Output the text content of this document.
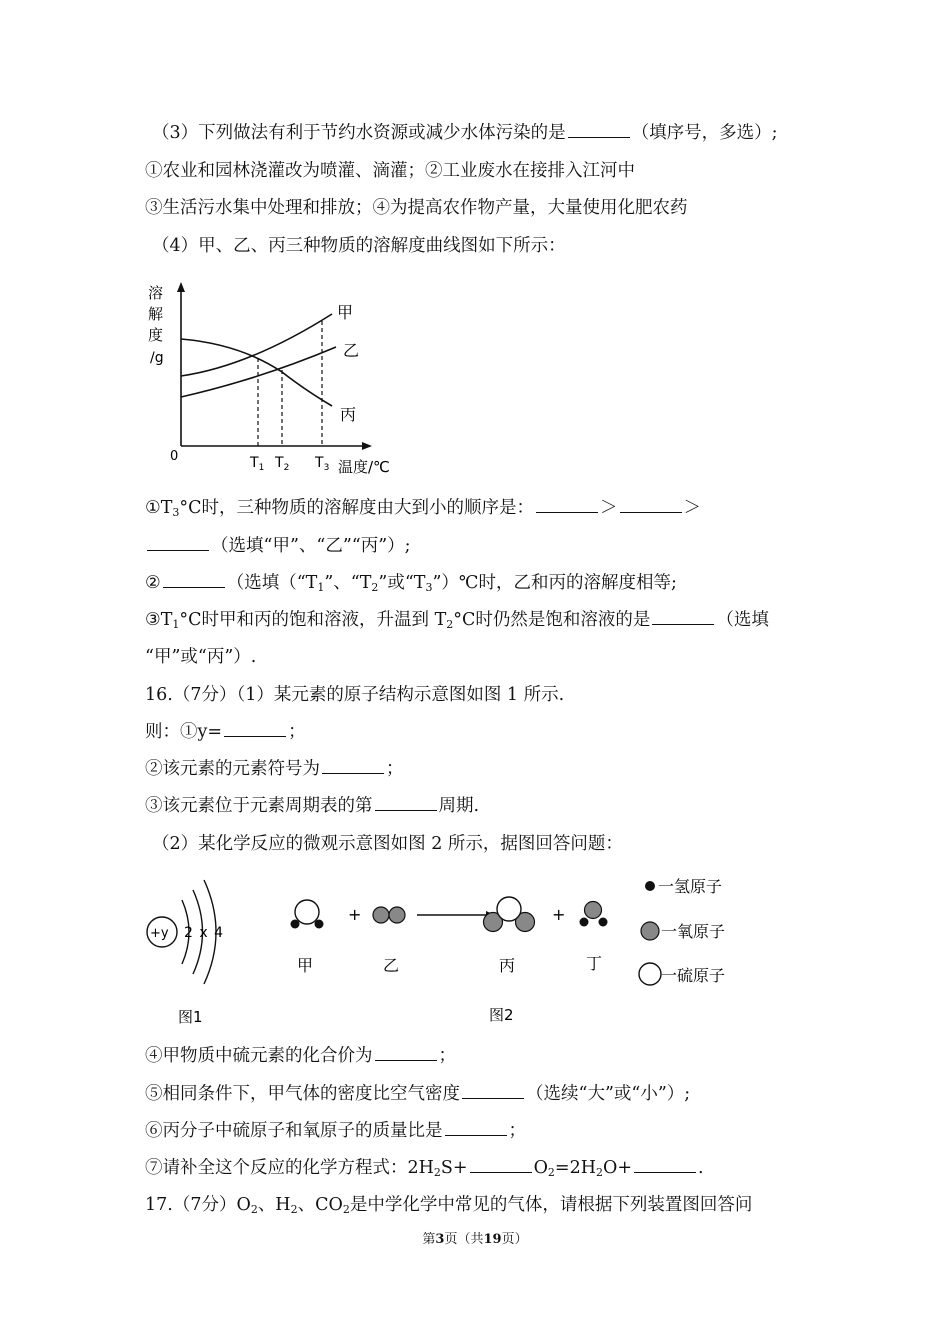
（3）下列做法有利于节约水资源或减少水体污染的是	（填序号，多选）;
①农业和园林浇灌改为喷灌、滴灌；②工业废水在接排入江河中
③生活污水集中处理和排放；④为提高农作物产量，大量使用化肥农药
（4）甲、乙、丙三种物质的溶解度曲线图如下所示：
溶
解
度
/g
0
甲
乙
丙
$T_1$ $T_2$ $T_3$ 温度/℃
$①T_3^\circ C$时，三种物质的溶解度由大到小的顺序是：	＞	＞
（选填“甲”、“乙”“丙”）;
②	（选填（“$T_1$”、“$T_2$”或“$T_3”)℃$时，乙和丙的溶解度相等;
$③T_1^\circ C$时甲和丙的饱和溶液，升温到 $T_2^\circ C$时仍然是饱和溶液的是	（选填
“甲”或“丙”）.
16.（7分）（1）某元素的原子结构示意图如图 1 所示.
则：①y=	；
②该元素的元素符号为	；
③该元素位于元素周期表的第	周期.
（2）某化学反应的微观示意图如图 2 所示，据图回答问题：
+y 2 x 4
图1
+	+
甲	乙	丙	丁
图2
一氢原子
一氧原子
一硫原子
④甲物质中硫元素的化合价为	；
⑤相同条件下，甲气体的密度比空气密度	（选续“大”或“小”）;
⑥丙分子中硫原子和氧原子的质量比是	；
⑦请补全这个反应的化学方程式：$2H_2S+$	$O_2=2H_2O+$	.
17.（7分）$O_2$、$H_2$、$CO_2$是中学化学中常见的气体，请根据下列装置图回答问
第3页（共19页）
